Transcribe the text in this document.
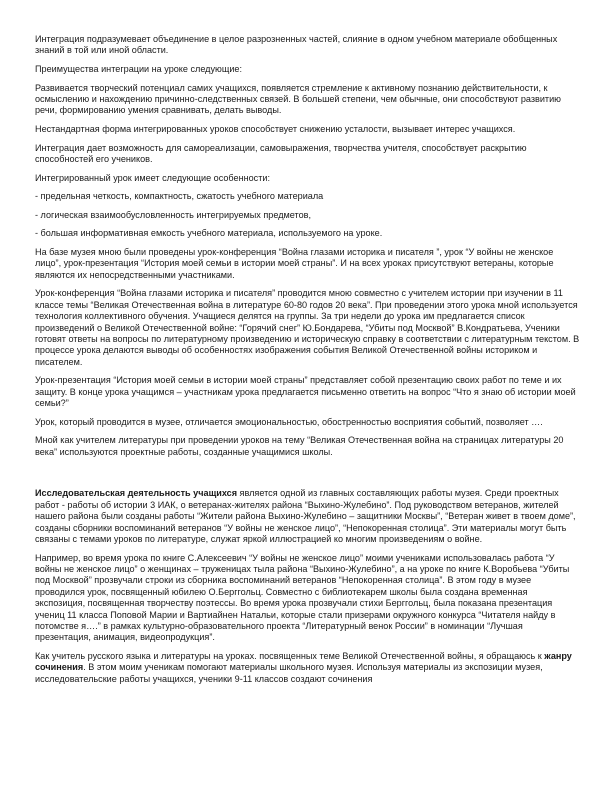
Интеграция подразумевает объединение в целое разрозненных частей, слияние в одном учебном материале обобщенных знаний в той или иной области.

Преимущества интеграции на уроке следующие:

Развивается творческий потенциал самих учащихся, появляется стремление к активному познанию действительности, к осмыслению и нахождению причинно-следственных связей. В большей степени, чем обычные, они способствуют развитию речи, формированию умения сравнивать, делать выводы.

Нестандартная форма интегрированных уроков способствует снижению усталости, вызывает интерес учащихся.

Интеграция дает возможность для самореализации, самовыражения, творчества учителя, способствует раскрытию способностей его учеников.

Интегрированный урок имеет следующие особенности:

- предельная четкость, компактность, сжатость учебного материала

- логическая взаимообусловленность интегрируемых предметов,

- большая информативная емкость учебного материала, используемого на уроке.

На базе музея мною были проведены урок-конференция “Война глазами историка и писателя ”, урок “У войны не женское лицо”, урок-презентация “История моей семьи в истории моей страны”. И на всех уроках присутствуют ветераны, которые являются их непосредственными участниками.

Урок-конференция “Война глазами историка и писателя” проводится мною совместно с учителем истории при изучении в 11 классе темы “Великая Отечественная война в литературе 60-80 годов 20 века”. При проведении этого урока мной используется технология коллективного обучения. Учащиеся делятся на группы. За три недели до урока им предлагается список произведений о Великой Отечественной войне: “Горячий снег” Ю.Бондарева, “Убиты под Москвой” В.Кондратьева, Ученики готовят ответы на вопросы по литературному произведению и историческую справку в соответствии с литературным текстом. В процессе урока делаются выводы об особенностях изображения события Великой Отечественной войны историком и писателем.

Урок-презентация “История моей семьи в истории моей страны” представляет собой презентацию своих работ по теме и их защиту. В конце урока учащимся – участникам урока предлагается письменно ответить на вопрос “Что я знаю об истории моей семьи?”

Урок, который проводится в музее, отличается эмоциональностью, обостренностью восприятия событий, позволяет ….

Мной как учителем литературы при проведении уроков на тему “Великая Отечественная война на страницах литературы 20 века” используются проектные работы, созданные учащимися школы.

Исследовательская деятельность учащихся является одной из главных составляющих работы музея. Среди проектных работ - работы об истории 3 ИАК, о ветеранах-жителях района “Выхино-Жулебино”. Под руководством ветеранов, жителей нашего района были созданы работы “Жители района Выхино-Жулебино – защитники Москвы”, “Ветеран живет в твоем доме”, созданы сборники воспоминаний ветеранов “У войны не женское лицо”, “Непокоренная столица”. Эти материалы могут быть связаны с темами уроков по литературе, служат яркой иллюстрацией ко многим произведениям о войне.

Например, во время урока по книге С.Алексеевич “У войны не женское лицо” моими учениками использовалась работа “У войны не женское лицо” о женщинах – труженицах тыла района “Выхино-Жулебино”, а на уроке по книге К.Воробьева “Убиты под Москвой” прозвучали строки из сборника воспоминаний ветеранов “Непокоренная столица”. В этом году в музее проводился урок, посвященный юбилею О.Берггольц. Совместно с библиотекарем школы была создана временная экспозиция, посвященная творчеству поэтессы. Во время урока прозвучали стихи Берггольц, была показана презентация учениц 11 класса Поповой Марии и Вартиайнен Натальи, которые стали призерами окружного конкурса “Читателя найду в потомстве я….” в рамках культурно-образовательного проекта “Литературный венок России” в номинации “Лучшая презентация, анимация, видеопродукция”.

Как учитель русского языка и литературы на уроках. посвященных теме Великой Отечественной войны, я обращаюсь к жанру сочинения. В этом моим ученикам помогают материалы школьного музея. Используя материалы из экспозиции музея, исследовательские работы учащихся, ученики 9-11 классов создают сочинения
